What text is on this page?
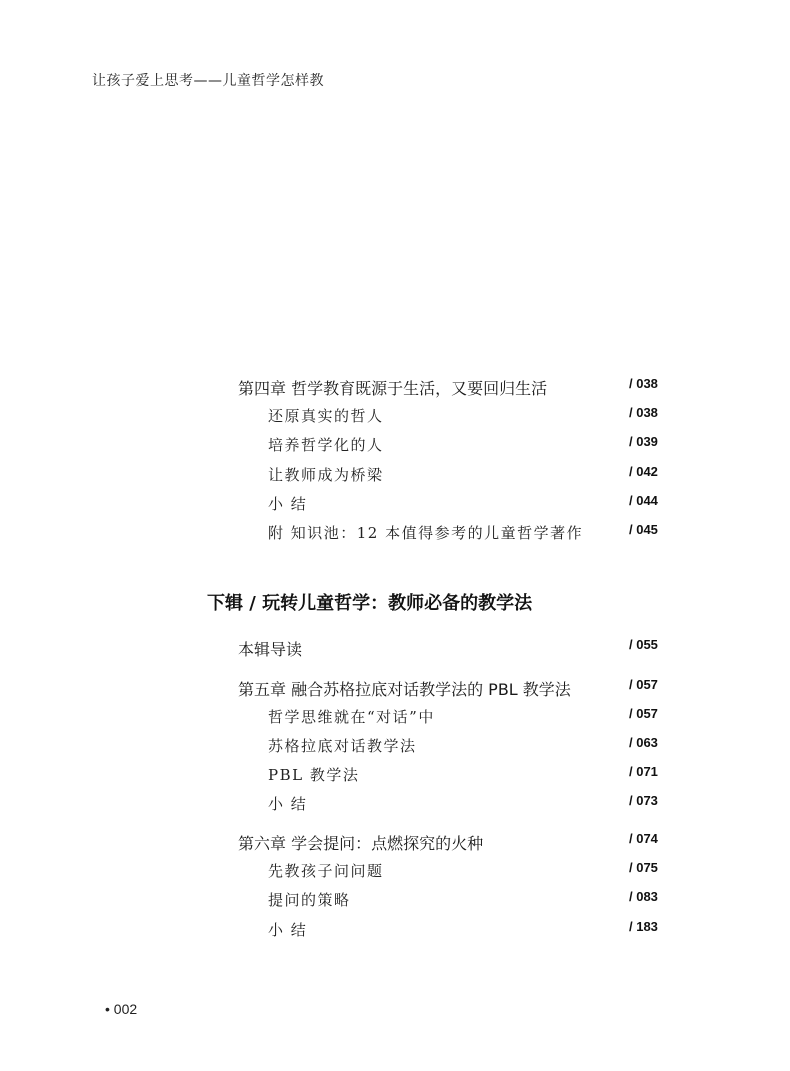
让孩子爱上思考——儿童哲学怎样教
第四章 哲学教育既源于生活，又要回归生活	/ 038
还原真实的哲人	/ 038
培养哲学化的人	/ 039
让教师成为桥梁	/ 042
小 结	/ 044
附 知识池：12 本值得参考的儿童哲学著作	/ 045
下辑 / 玩转儿童哲学：教师必备的教学法
本辑导读	/ 055
第五章 融合苏格拉底对话教学法的 PBL 教学法	/ 057
哲学思维就在“对话”中	/ 057
苏格拉底对话教学法	/ 063
PBL 教学法	/ 071
小 结	/ 073
第六章 学会提问：点燃探究的火种	/ 074
先教孩子问问题	/ 075
提问的策略	/ 083
小 结	/ 183
• 002
